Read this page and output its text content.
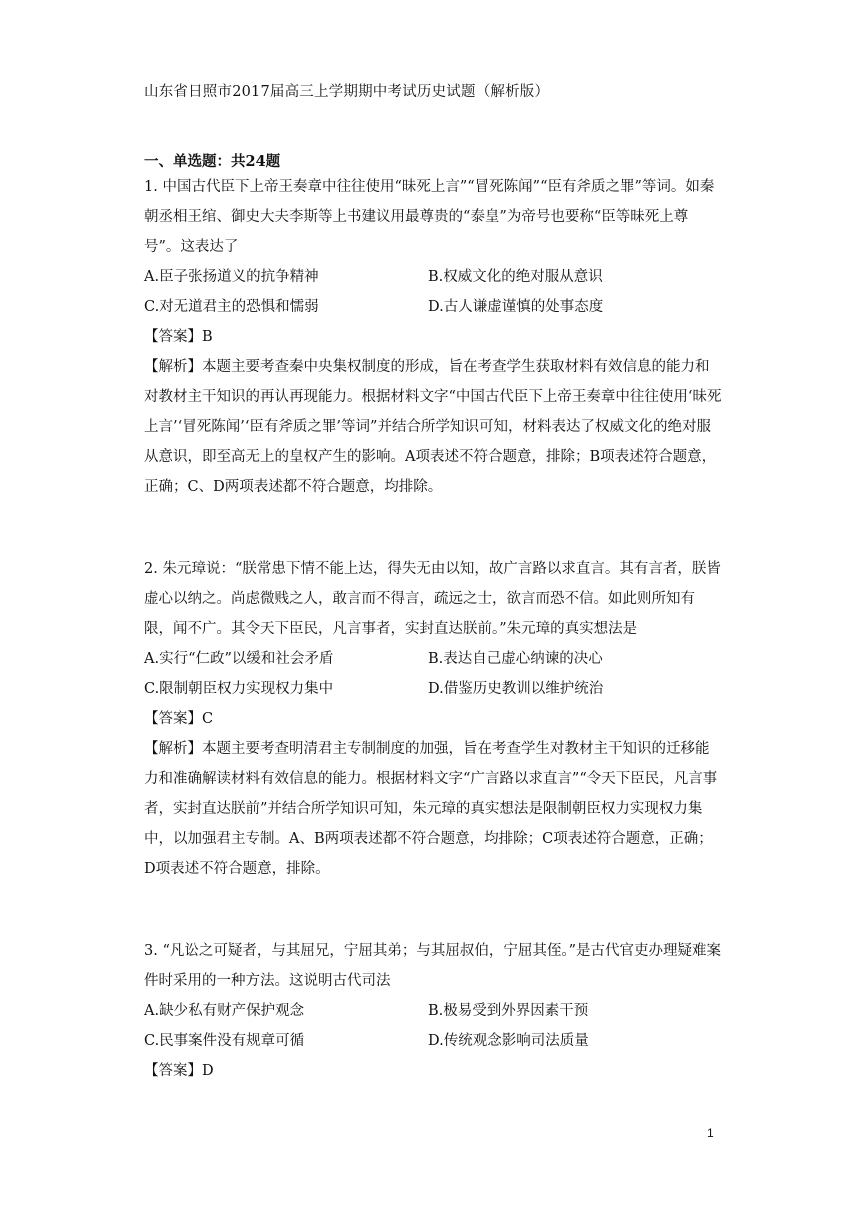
山东省日照市2017届高三上学期期中考试历史试题（解析版）
一、单选题：共24题

1. 中国古代臣下上帝王奏章中往往使用“昧死上言”“冒死陈闻”“臣有斧质之罪”等词。如秦朝丞相王绾、御史大夫李斯等上书建议用最尊贵的“泰皇”为帝号也要称“臣等昧死上尊号”。这表达了

A.臣子张扬道义的抗争精神	B.权威文化的绝对服从意识
C.对无道君主的恐惧和懦弱	D.古人谦虚谨慎的处事态度

【答案】B

【解析】本题主要考查秦中央集权制度的形成，旨在考查学生获取材料有效信息的能力和对教材主干知识的再认再现能力。根据材料文字“中国古代臣下上帝王奏章中往往使用‘昧死上言’‘冒死陈闻’‘臣有斧质之罪’等词”并结合所学知识可知，材料表达了权威文化的绝对服从意识，即至高无上的皇权产生的影响。A项表述不符合题意，排除；B项表述符合题意，正确；C、D两项表述都不符合题意，均排除。

2. 朱元璋说：“朕常患下情不能上达，得失无由以知，故广言路以求直言。其有言者，朕皆虚心以纳之。尚虑微贱之人，敢言而不得言，疏远之士，欲言而恐不信。如此则所知有限，闻不广。其令天下臣民，凡言事者，实封直达朕前。”朱元璋的真实想法是

A.实行“仁政”以缓和社会矛盾	B.表达自己虚心纳谏的决心
C.限制朝臣权力实现权力集中	D.借鉴历史教训以维护统治

【答案】C

【解析】本题主要考查明清君主专制制度的加强，旨在考查学生对教材主干知识的迁移能力和准确解读材料有效信息的能力。根据材料文字“广言路以求直言”“令天下臣民，凡言事者，实封直达朕前”并结合所学知识可知，朱元璋的真实想法是限制朝臣权力实现权力集中，以加强君主专制。A、B两项表述都不符合题意，均排除；C项表述符合题意，正确；D项表述不符合题意，排除。

3. “凡讼之可疑者，与其屈兄，宁屈其弟；与其屈叔伯，宁屈其侄。”是古代官吏办理疑难案件时采用的一种方法。这说明古代司法

A.缺少私有财产保护观念	B.极易受到外界因素干预
C.民事案件没有规章可循	D.传统观念影响司法质量

【答案】D

1
